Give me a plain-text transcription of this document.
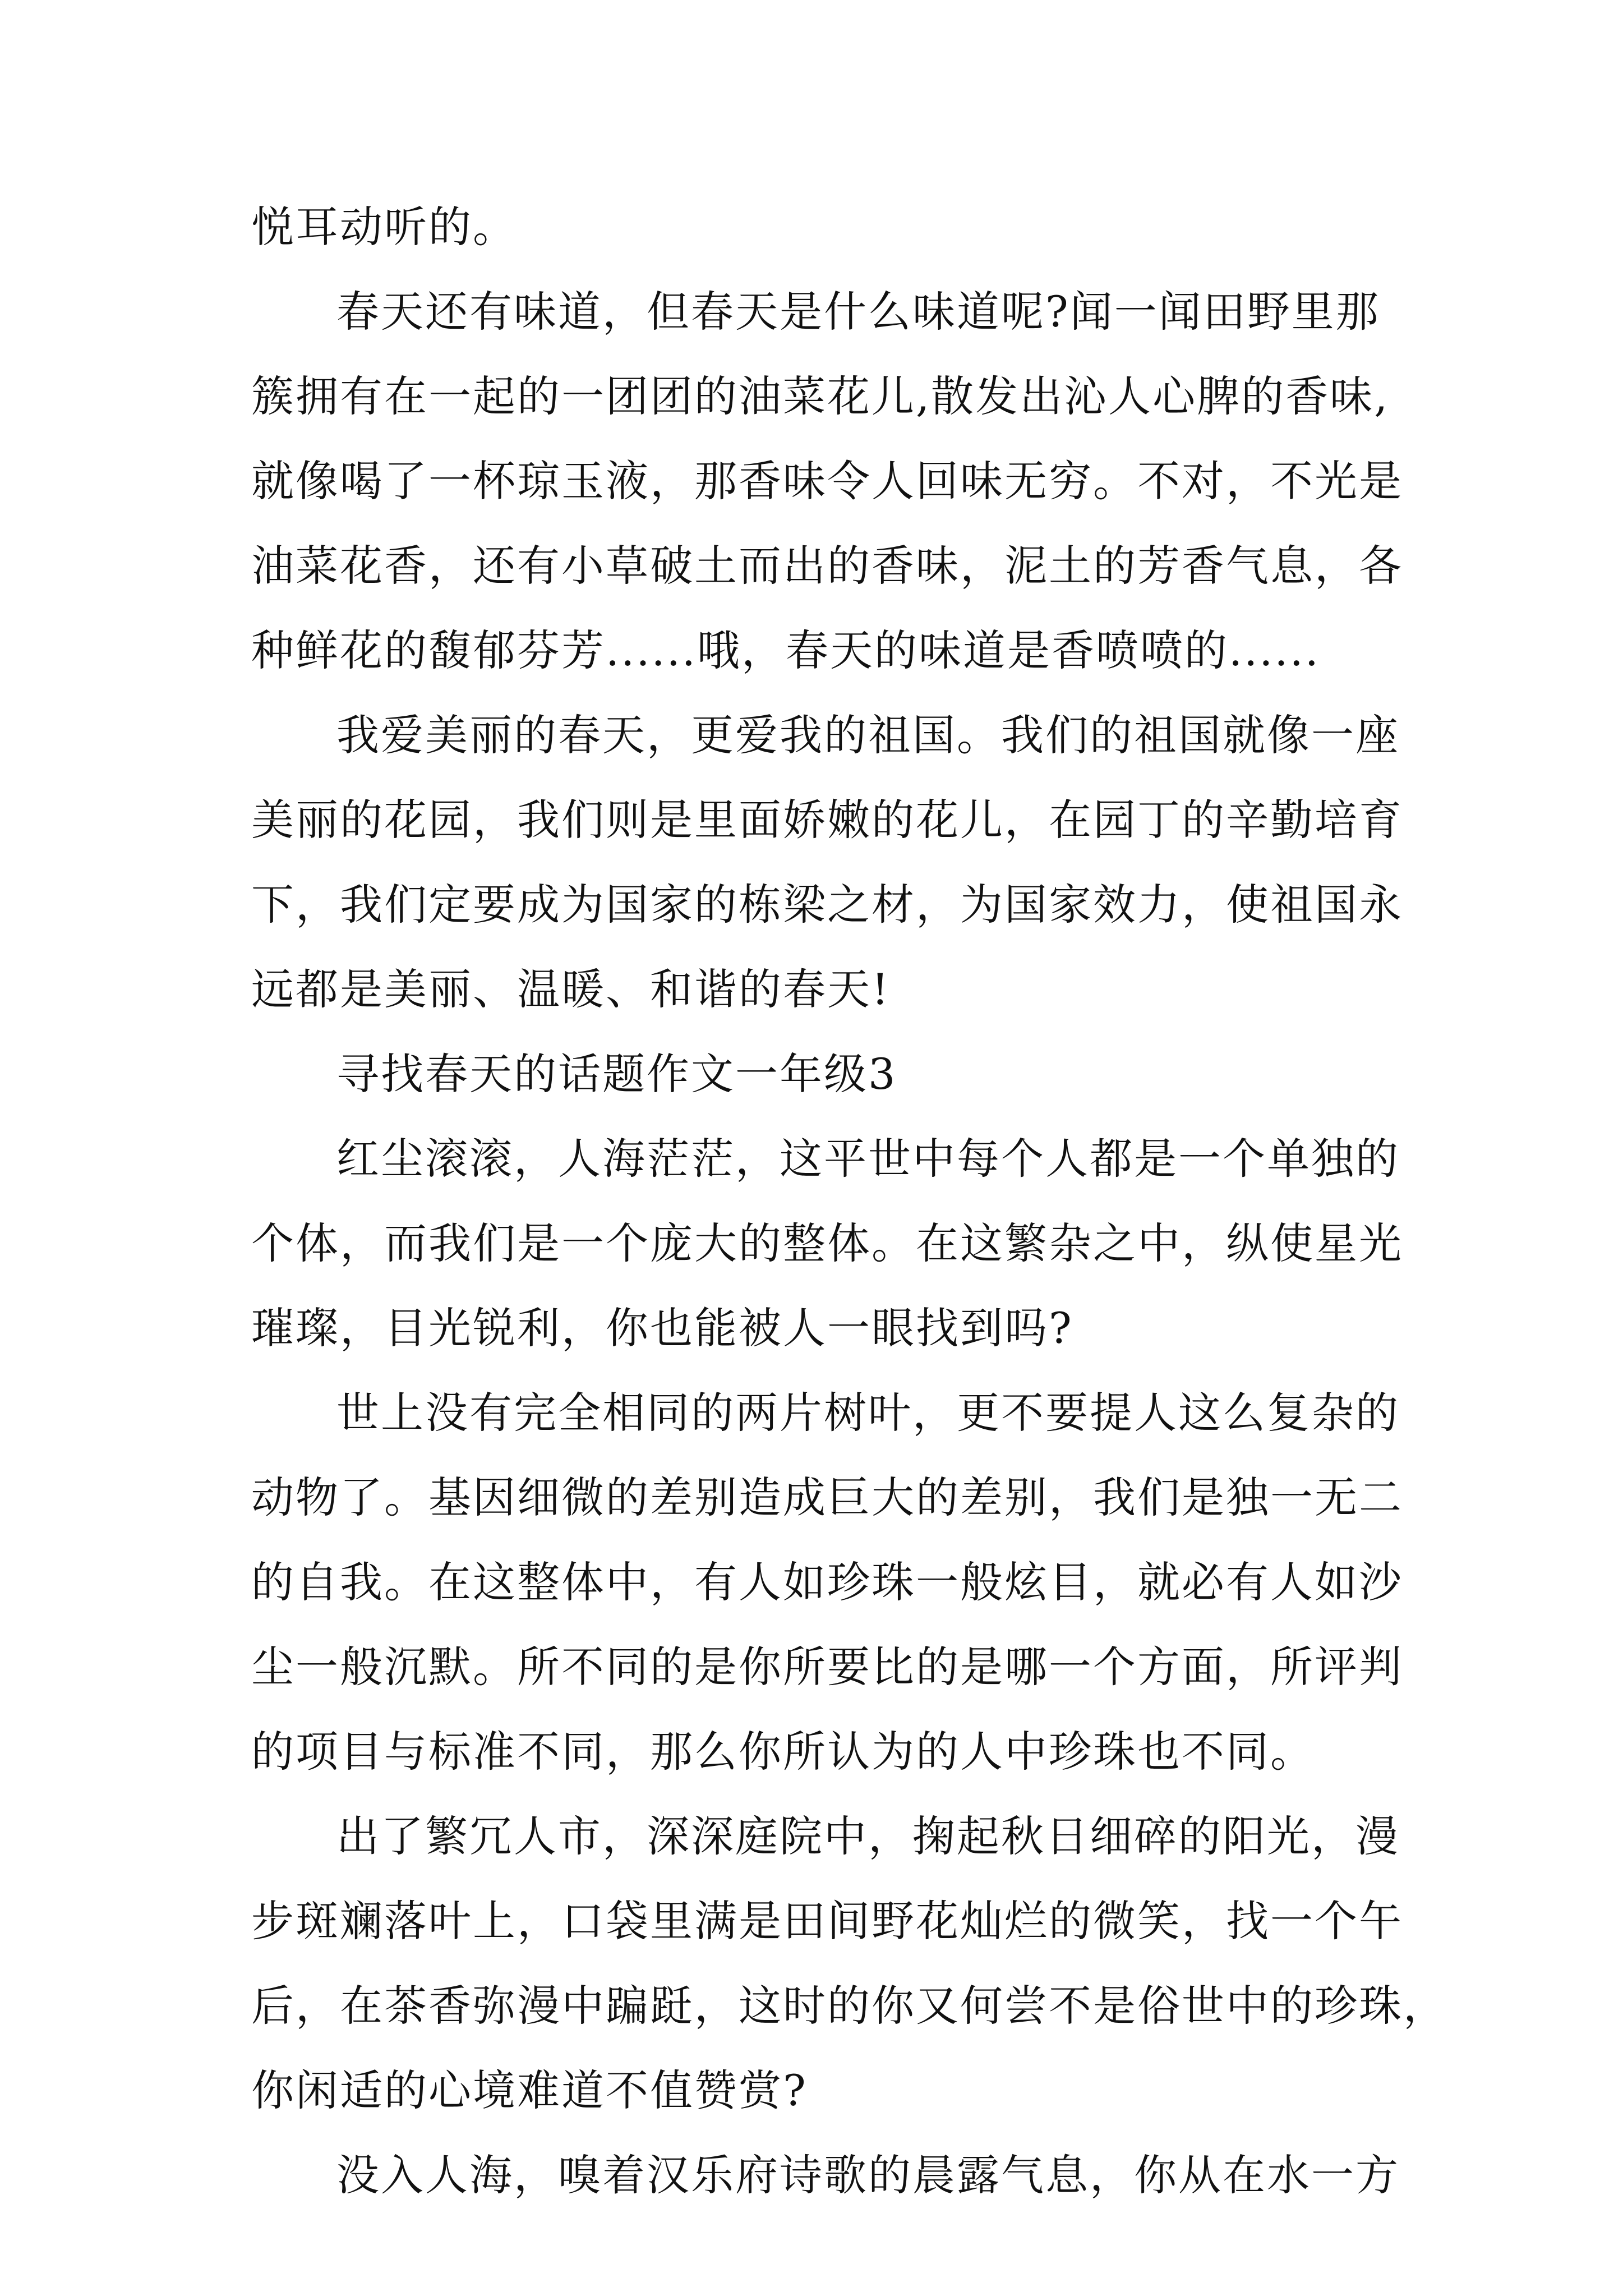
悦耳动听的。

春天还有味道，但春天是什么味道呢?闻一闻田野里那

簇拥有在一起的一团团的油菜花儿,散发出沁人心脾的香味,

就像喝了一杯琼玉液，那香味令人回味无穷。不对，不光是

油菜花香，还有小草破土而出的香味，泥土的芳香气息，各

种鲜花的馥郁芬芳......哦，春天的味道是香喷喷的......

我爱美丽的春天，更爱我的祖国。我们的祖国就像一座

美丽的花园，我们则是里面娇嫩的花儿，在园丁的辛勤培育

下，我们定要成为国家的栋梁之材，为国家效力，使祖国永

远都是美丽、温暖、和谐的春天!

寻找春天的话题作文一年级3

红尘滚滚，人海茫茫，这平世中每个人都是一个单独的

个体，而我们是一个庞大的整体。在这繁杂之中，纵使星光

璀璨，目光锐利，你也能被人一眼找到吗?

世上没有完全相同的两片树叶，更不要提人这么复杂的

动物了。基因细微的差别造成巨大的差别，我们是独一无二

的自我。在这整体中，有人如珍珠一般炫目，就必有人如沙

尘一般沉默。所不同的是你所要比的是哪一个方面，所评判

的项目与标准不同，那么你所认为的人中珍珠也不同。

出了繁冗人市，深深庭院中，掬起秋日细碎的阳光，漫

步斑斓落叶上，口袋里满是田间野花灿烂的微笑，找一个午

后，在茶香弥漫中蹁跹，这时的你又何尝不是俗世中的珍珠，

你闲适的心境难道不值赞赏?

没入人海，嗅着汉乐府诗歌的晨露气息，你从在水一方
